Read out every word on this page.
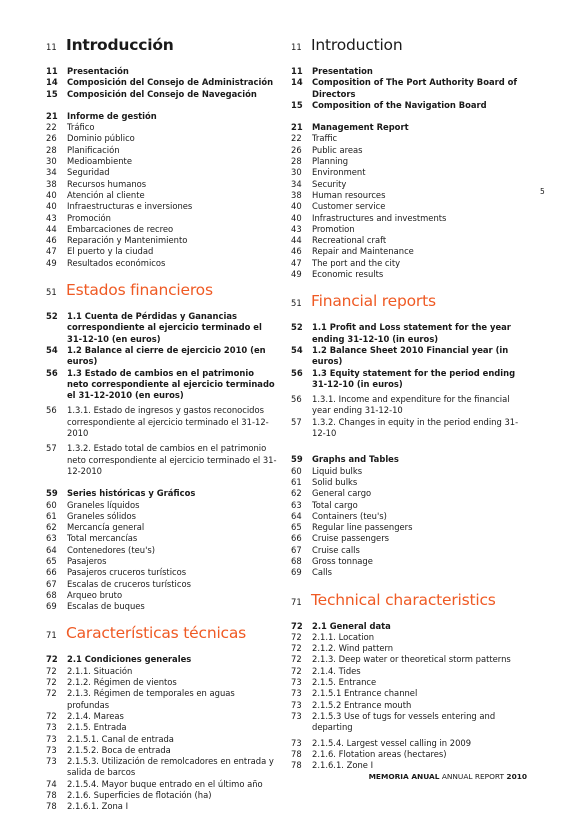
11 Introducción
11	Presentación
14	Composición del Consejo de Administración
15	Composición del Consejo de Navegación
21	Informe de gestión
22	Tráfico
26	Dominio público
28	Planificación
30	Medioambiente
34	Seguridad
38	Recursos humanos
40	Atención al cliente
40	Infraestructuras e inversiones
43	Promoción
44	Embarcaciones de recreo
46	Reparación y Mantenimiento
47	El puerto y la ciudad
49	Resultados económicos
51 Estados financieros
52	1.1 Cuenta de Pérdidas y Ganancias correspondiente al ejercicio terminado el 31-12-10 (en euros)
54	1.2 Balance al cierre de ejercicio 2010 (en euros)
56	1.3 Estado de cambios en el patrimonio neto correspondiente al ejercicio terminado el 31-12-2010 (en euros)
56	1.3.1. Estado de ingresos y gastos reconocidos correspondiente al ejercicio terminado el 31-12-2010
57	1.3.2. Estado total de cambios en el patrimonio neto correspondiente al ejercicio terminado el 31-12-2010
59	Series históricas y Gráficos
60	Graneles líquidos
61	Graneles sólidos
62	Mercancía general
63	Total mercancías
64	Contenedores (teu's)
65	Pasajeros
66	Pasajeros cruceros turísticos
67	Escalas de cruceros turísticos
68	Arqueo bruto
69	Escalas de buques
71 Características técnicas
72	2.1 Condiciones generales
72	2.1.1. Situación
72	2.1.2. Régimen de vientos
72	2.1.3. Régimen de temporales en aguas profundas
72	2.1.4. Mareas
73	2.1.5. Entrada
73	2.1.5.1. Canal de entrada
73	2.1.5.2. Boca de entrada
73	2.1.5.3. Utilización de remolcadores en entrada y salida de barcos
74	2.1.5.4. Mayor buque entrado en el último año
78	2.1.6. Superficies de flotación (ha)
78	2.1.6.1. Zona I
11 Introduction
11	Presentation
14	Composition of The Port Authority Board of Directors
15	Composition of the Navigation Board
21	Management Report
22	Traffic
26	Public areas
28	Planning
30	Environment
34	Security
38	Human resources
40	Customer service
40	Infrastructures and investments
43	Promotion
44	Recreational craft
46	Repair and Maintenance
47	The port and the city
49	Economic results
51 Financial reports
52	1.1 Profit and Loss statement for the year ending 31-12-10 (in euros)
54	1.2 Balance Sheet 2010 Financial year (in euros)
56	1.3 Equity statement for the period ending 31-12-10 (in euros)
56	1.3.1. Income and expenditure for the financial year ending 31-12-10
57	1.3.2. Changes in equity in the period ending 31-12-10
59	Graphs and Tables
60	Liquid bulks
61	Solid bulks
62	General cargo
63	Total cargo
64	Containers (teu's)
65	Regular line passengers
66	Cruise passengers
67	Cruise calls
68	Gross tonnage
69	Calls
71 Technical characteristics
72	2.1 General data
72	2.1.1. Location
72	2.1.2. Wind pattern
72	2.1.3. Deep water or theoretical storm patterns
72	2.1.4. Tides
73	2.1.5. Entrance
73	2.1.5.1 Entrance channel
73	2.1.5.2 Entrance mouth
73	2.1.5.3 Use of tugs for vessels entering and departing
73	2.1.5.4. Largest vessel calling in 2009
78	2.1.6. Flotation areas (hectares)
78	2.1.6.1. Zone I
5
MEMORIA ANUAL ANNUAL REPORT 2010
